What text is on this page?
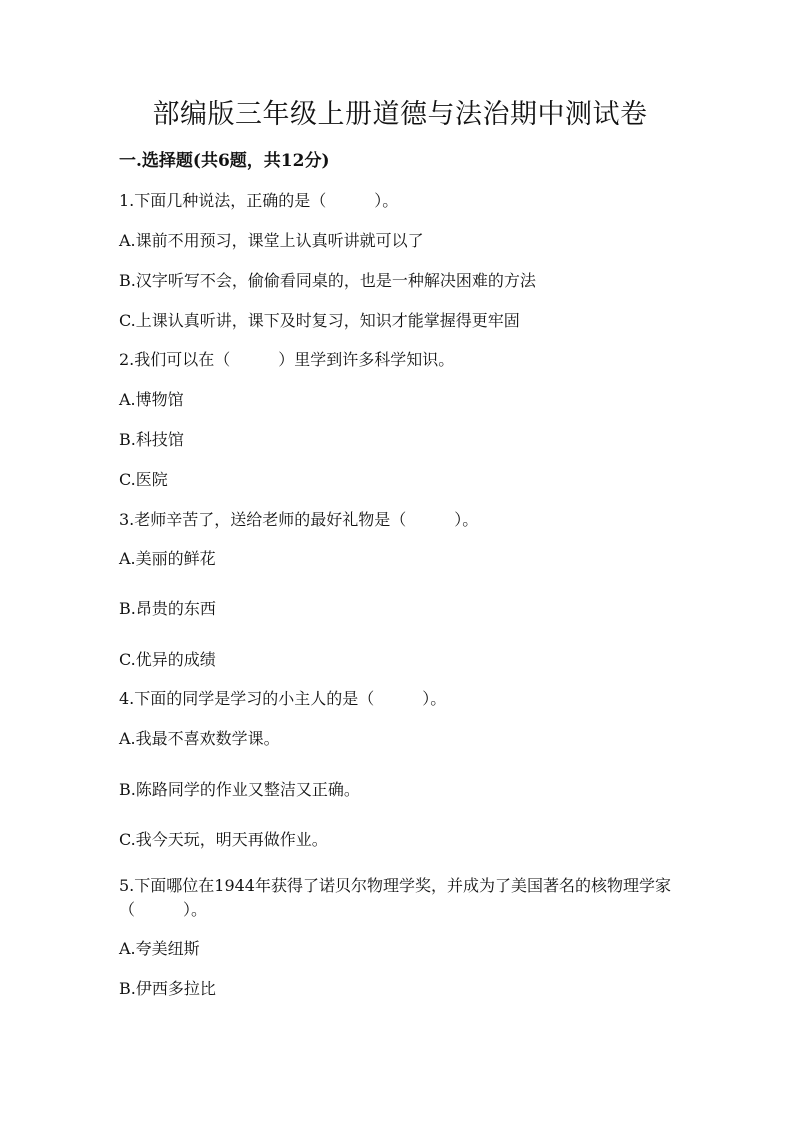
部编版三年级上册道德与法治期中测试卷
一.选择题(共6题，共12分)
1.下面几种说法，正确的是（　　　）。
A.课前不用预习，课堂上认真听讲就可以了
B.汉字听写不会，偷偷看同桌的，也是一种解决困难的方法
C.上课认真听讲，课下及时复习，知识才能掌握得更牢固
2.我们可以在（　　　）里学到许多科学知识。
A.博物馆
B.科技馆
C.医院
3.老师辛苦了，送给老师的最好礼物是（　　　）。
A.美丽的鲜花
B.昂贵的东西
C.优异的成绩
4.下面的同学是学习的小主人的是（　　　）。
A.我最不喜欢数学课。
B.陈路同学的作业又整洁又正确。
C.我今天玩，明天再做作业。
5.下面哪位在1944年获得了诺贝尔物理学奖，并成为了美国著名的核物理学家（　　　）。
A.夸美纽斯
B.伊西多拉比
